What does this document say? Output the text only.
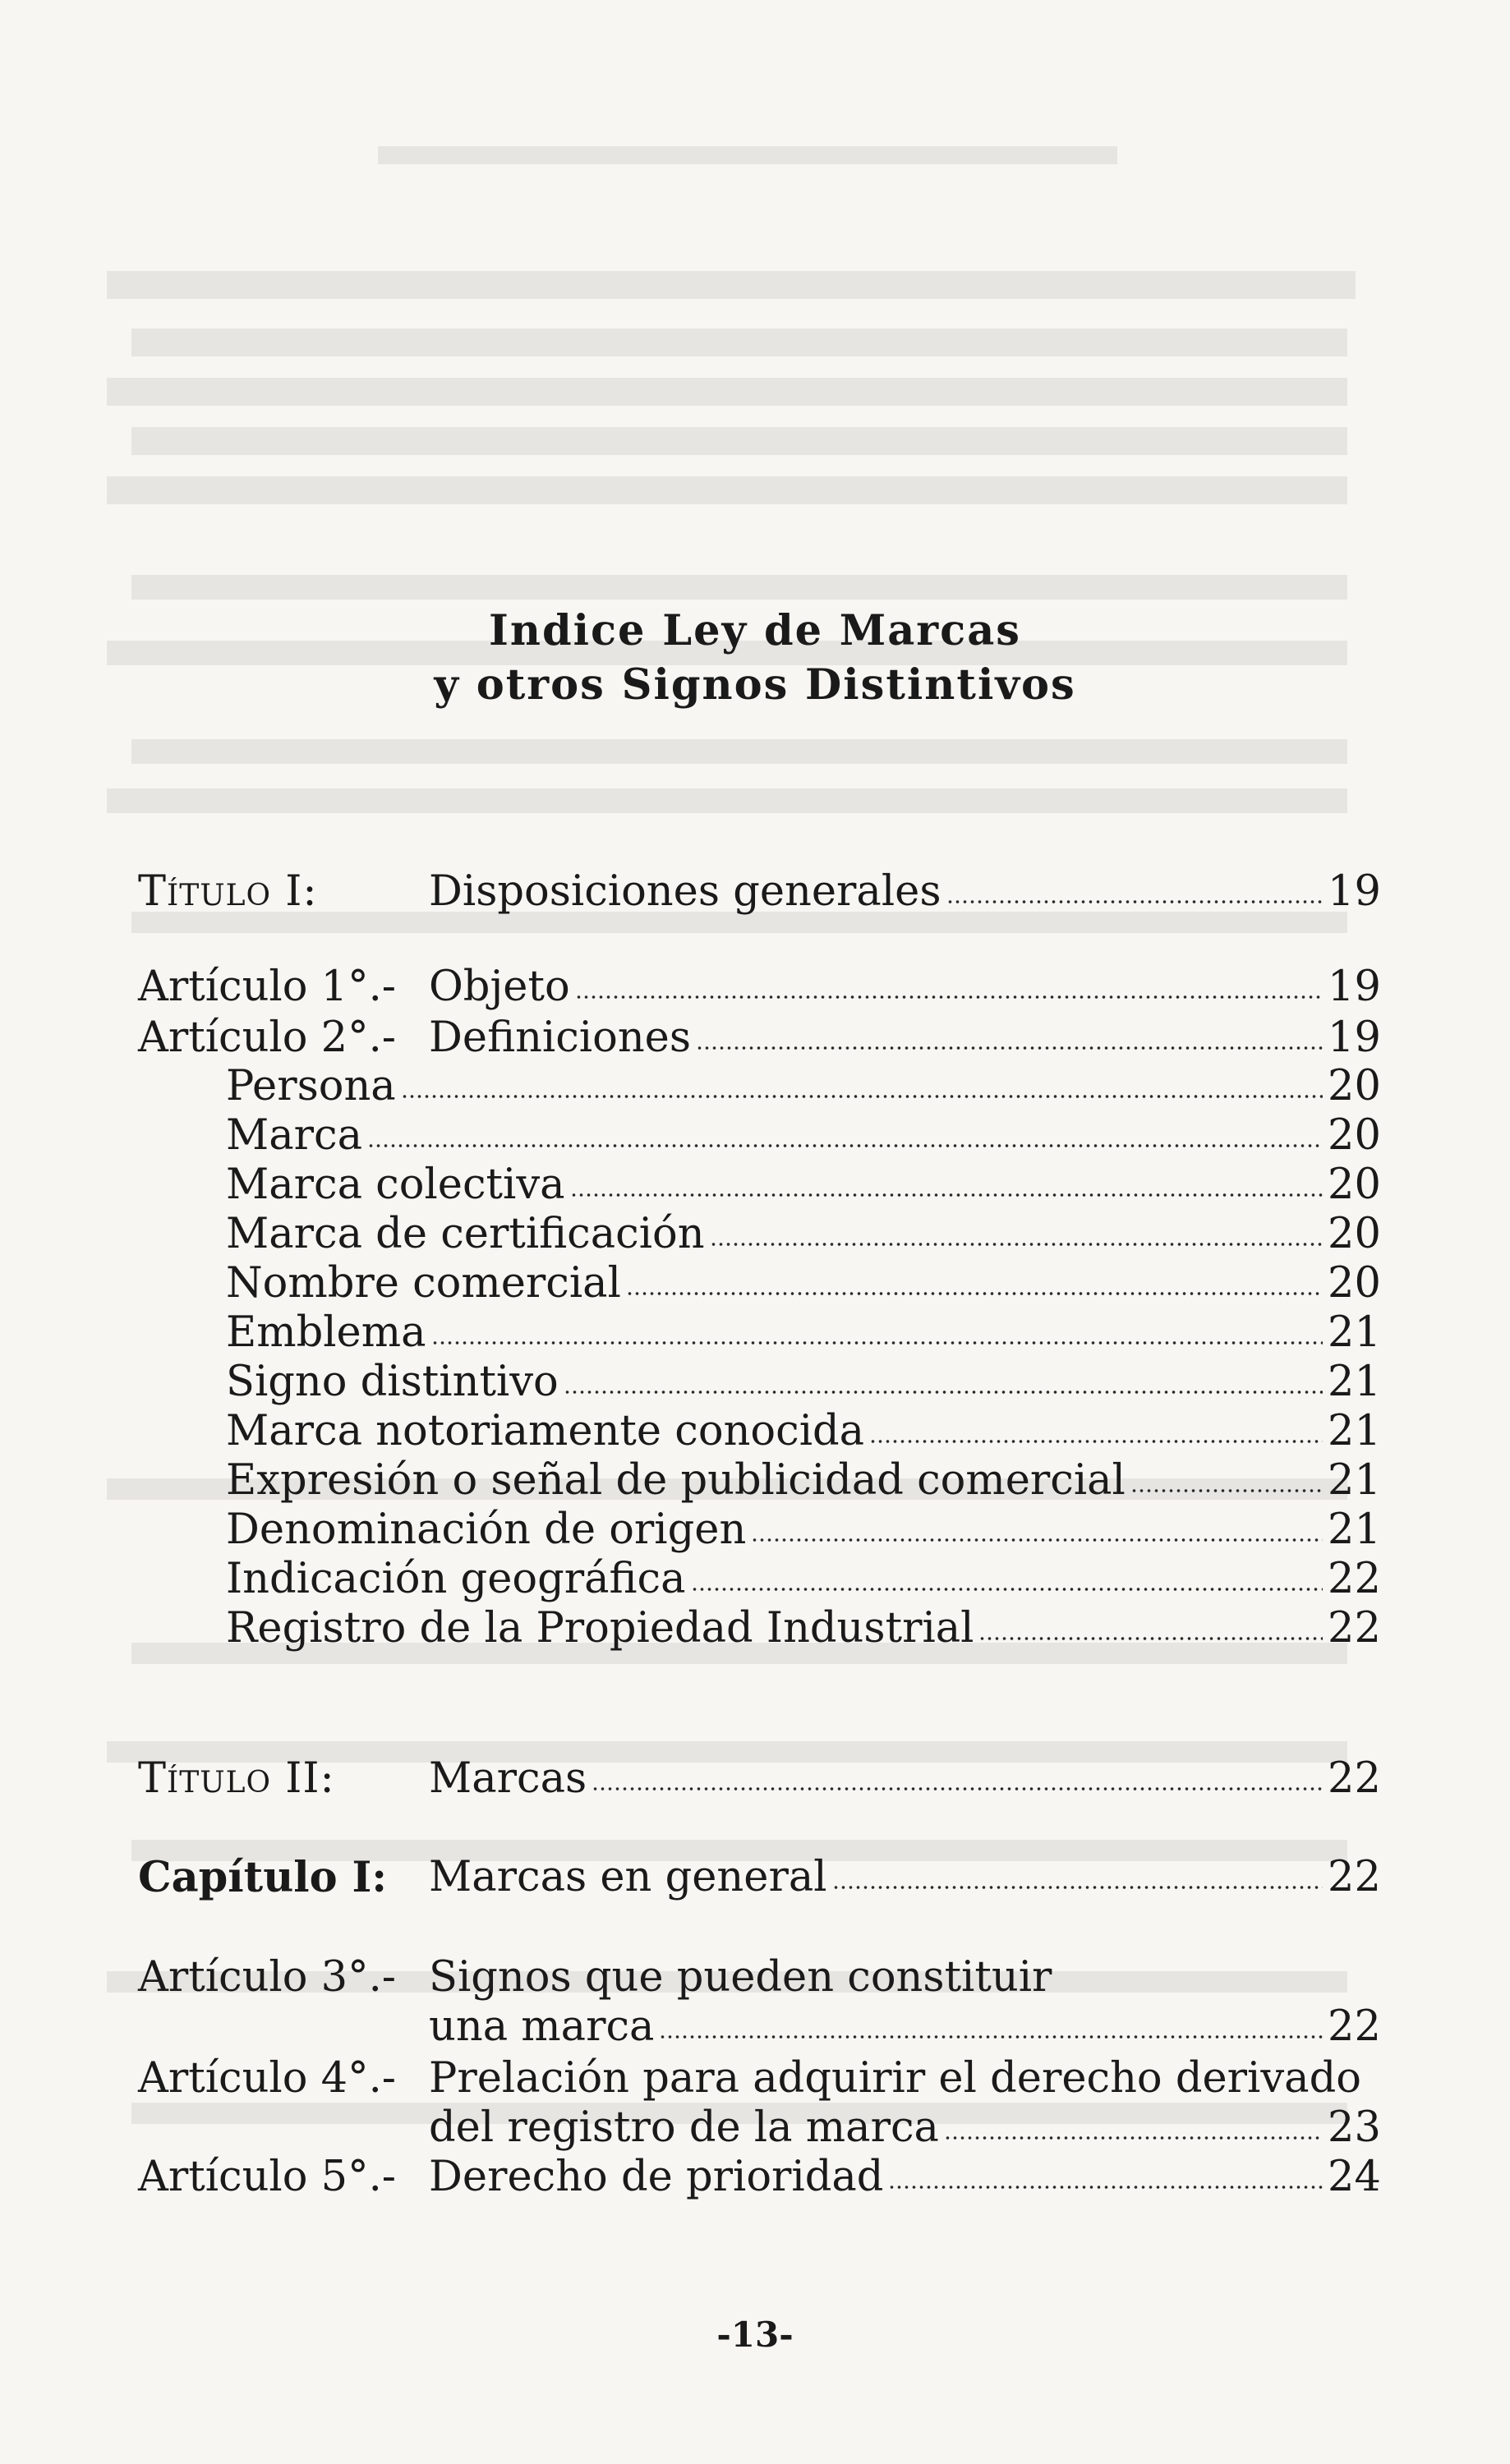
Indice Ley de Marcas
y otros Signos Distintivos
Título I:	Disposiciones generales	19
Artículo 1°.- Objeto	19
Artículo 2°.- Definiciones	19
Persona	20
Marca	20
Marca colectiva	20
Marca de certificación	20
Nombre comercial	20
Emblema	21
Signo distintivo	21
Marca notoriamente conocida	21
Expresión o señal de publicidad comercial	21
Denominación de origen	21
Indicación geográfica	22
Registro de la Propiedad Industrial	22
Título II:	Marcas	22
Capítulo I: Marcas en general	22
Artículo 3°.- Signos que pueden constituir
una marca	22
Artículo 4°.- Prelación para adquirir el derecho derivado
del registro de la marca	23
Artículo 5°.- Derecho de prioridad	24
-13-
